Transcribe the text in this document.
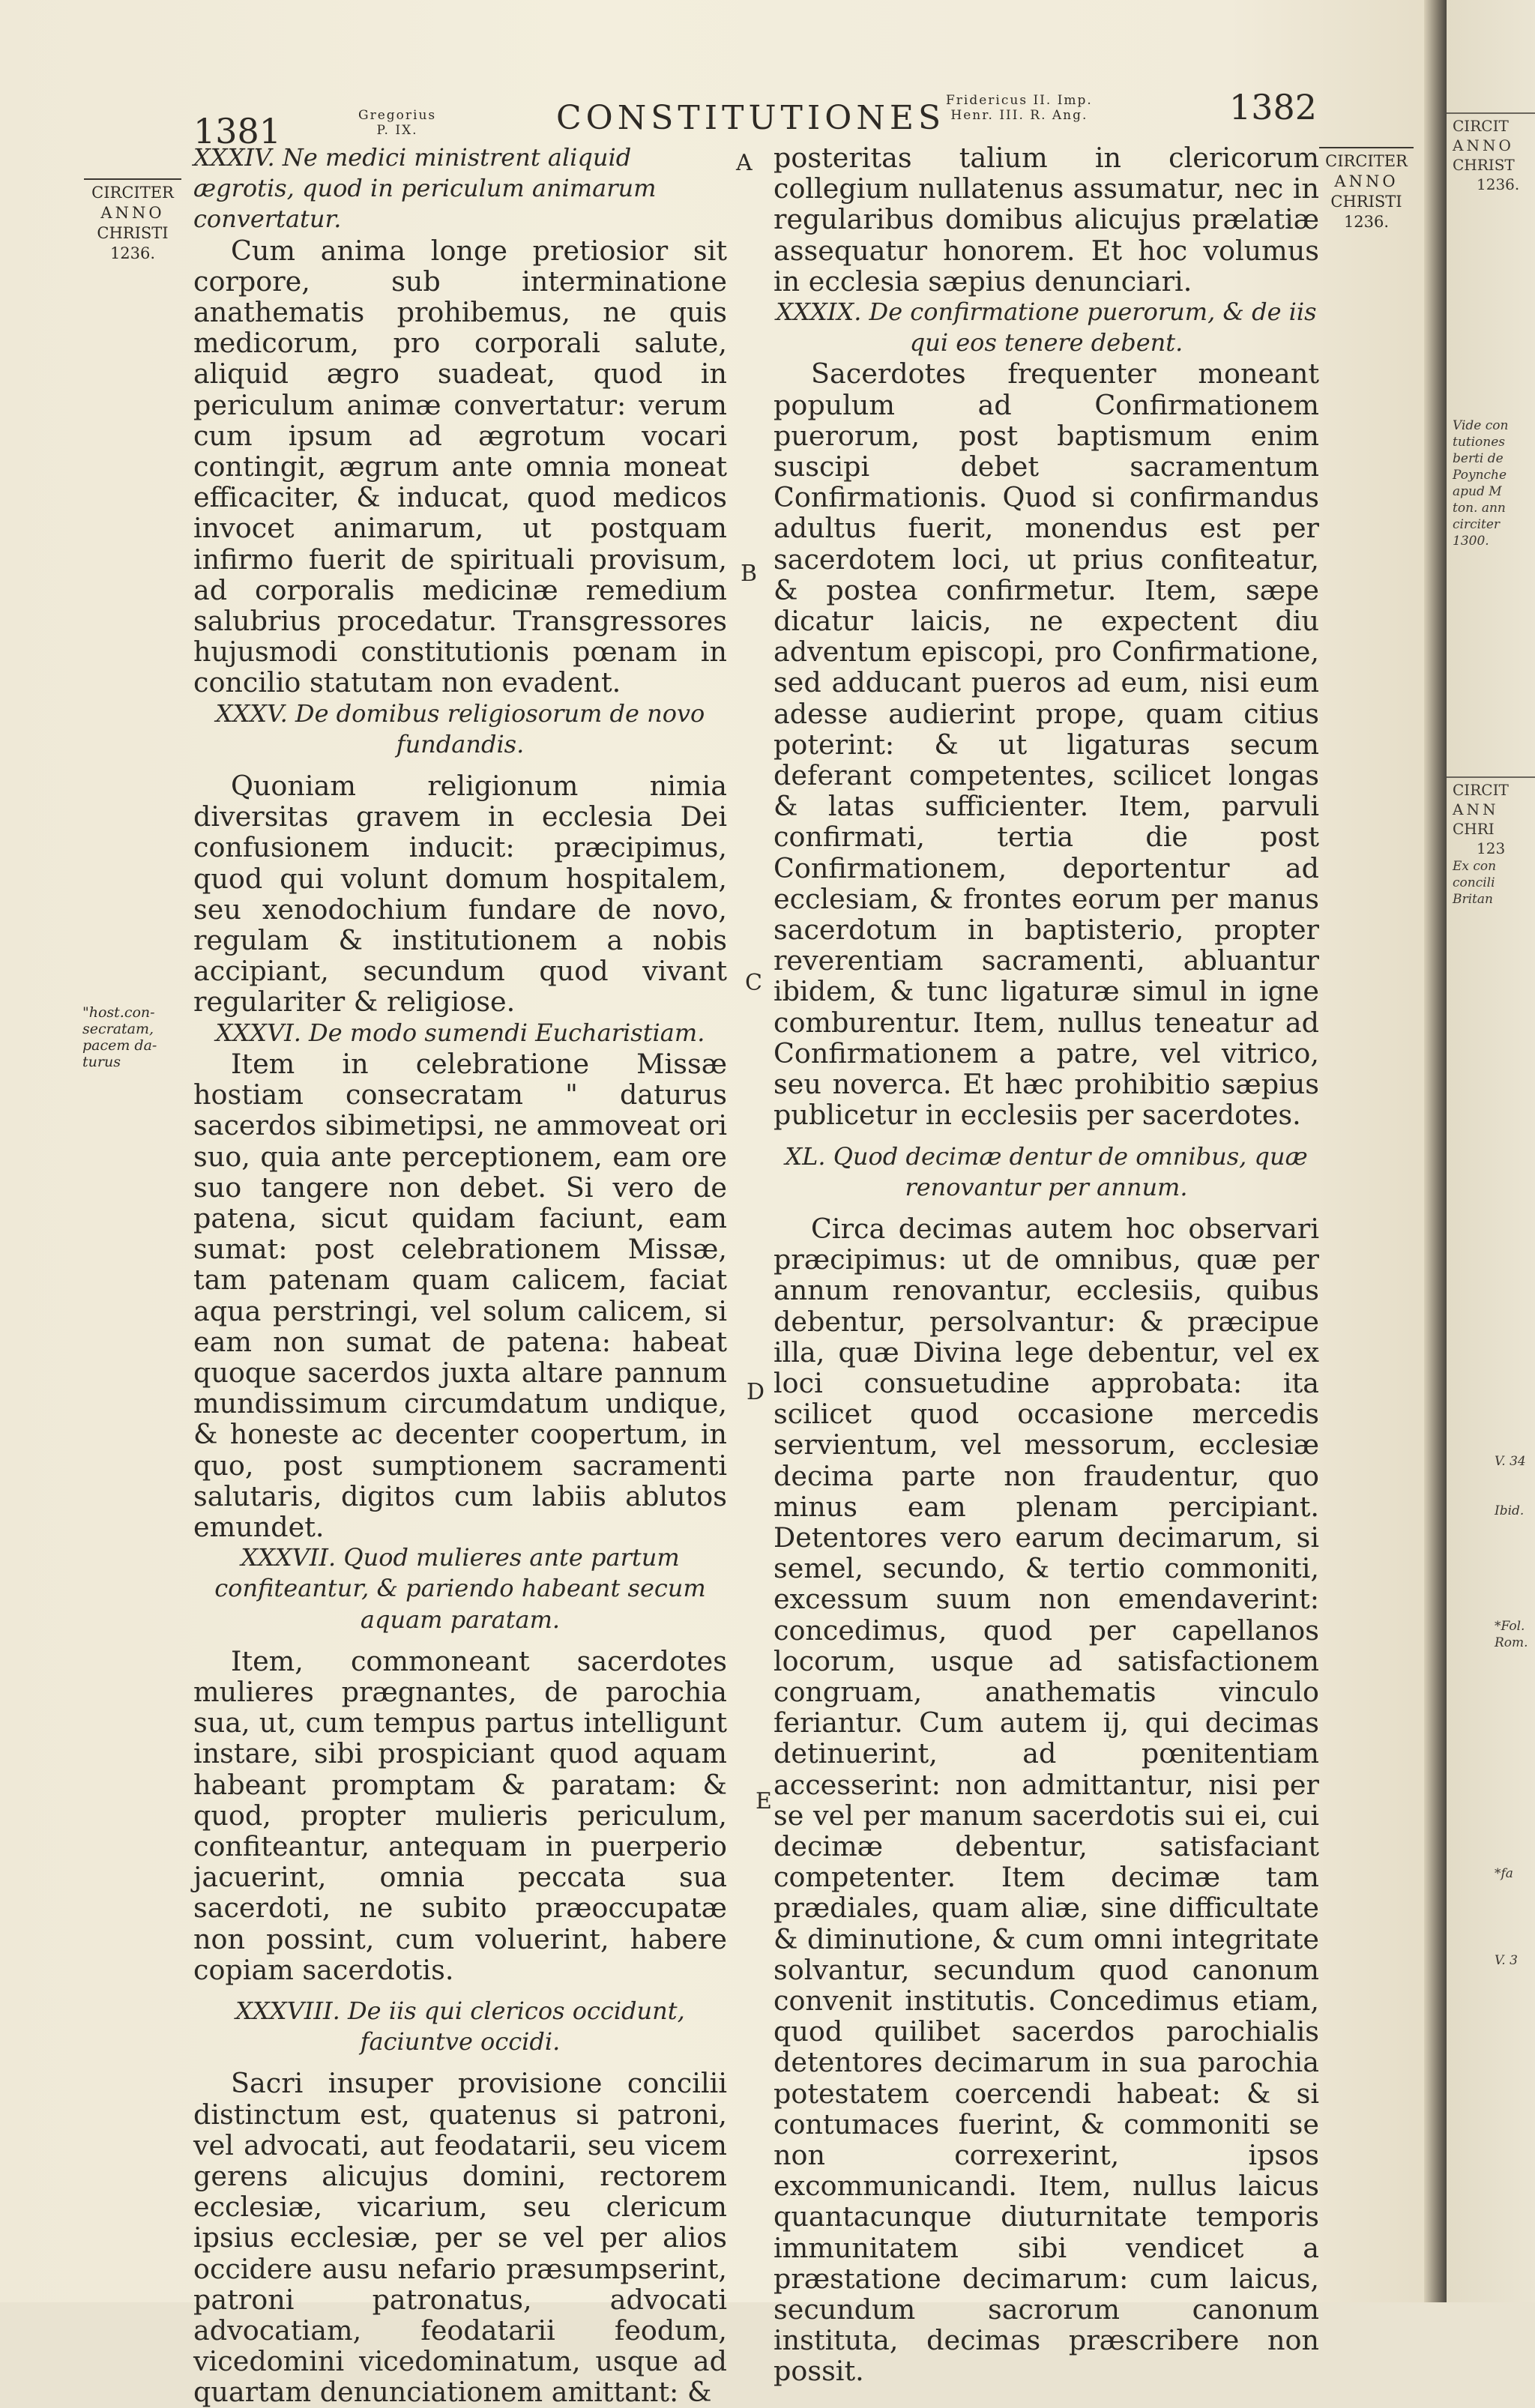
1381	Gregorius
P. IX.	CONSTITUTIONES Fridericus II. Imp.
Henr. III. R. Ang.	1382
CIRCITER
ANNO
CHRISTI
1236.
CIRCITER
ANNO
CHRISTI
1236.
"host.con-
secratam,
pacem da-
turus
A
B
C
D
E
XXXIV. Ne medici ministrent aliquid ægrotis, quod in periculum animarum convertatur.

Cum anima longe pretiosior sit corpore, sub interminatione anathematis prohibemus, ne quis medicorum, pro corporali salute, aliquid ægro suadeat, quod in periculum animæ convertatur: verum cum ipsum ad ægrotum vocari contingit, ægrum ante omnia moneat efficaciter, & inducat, quod medicos invocet animarum, ut postquam infirmo fuerit de spirituali provisum, ad corporalis medicinæ remedium salubrius procedatur. Transgressores hujusmodi constitutionis pœnam in concilio statutam non evadent.

XXXV. De domibus religiosorum de novo fundandis.

Quoniam religionum nimia diversitas gravem in ecclesia Dei confusionem inducit: præcipimus, quod qui volunt domum hospitalem, seu xenodochium fundare de novo, regulam & institutionem a nobis accipiant, secundum quod vivant regulariter & religiose.

XXXVI. De modo sumendi Eucharistiam.

Item in celebratione Missæ hostiam consecratam " daturus sacerdos sibimetipsi, ne ammoveat ori suo, quia ante perceptionem, eam ore suo tangere non debet. Si vero de patena, sicut quidam faciunt, eam sumat: post celebrationem Missæ, tam patenam quam calicem, faciat aqua perstringi, vel solum calicem, si eam non sumat de patena: habeat quoque sacerdos juxta altare pannum mundissimum circumdatum undique, & honeste ac decenter coopertum, in quo, post sumptionem sacramenti salutaris, digitos cum labiis ablutos emundet.

XXXVII. Quod mulieres ante partum confiteantur, & pariendo habeant secum aquam paratam.

Item, commoneant sacerdotes mulieres prægnantes, de parochia sua, ut, cum tempus partus intelligunt instare, sibi prospiciant quod aquam habeant promptam & paratam: & quod, propter mulieris periculum, confiteantur, antequam in puerperio jacuerint, omnia peccata sua sacerdoti, ne subito præoccupatæ non possint, cum voluerint, habere copiam sacerdotis.

XXXVIII. De iis qui clericos occidunt, faciuntve occidi.

Sacri insuper provisione concilii distinctum est, quatenus si patroni, vel advocati, aut feodatarii, seu vicem gerens alicujus domini, rectorem ecclesiæ, vicarium, seu clericum ipsius ecclesiæ, per se vel per alios occidere ausu nefario præsumpserint, patroni patronatus, advocati advocatiam, feodatarii feodum, vicedomini vicedominatum, usque ad quartam denunciationem amittant: &

posteritas talium in clericorum collegium nullatenus assumatur, nec in regularibus domibus alicujus prælatiæ assequatur honorem. Et hoc volumus in ecclesia sæpius denunciari.

XXXIX. De confirmatione puerorum, & de iis qui eos tenere debent.

Sacerdotes frequenter moneant populum ad Confirmationem puerorum, post baptismum enim suscipi debet sacramentum Confirmationis. Quod si confirmandus adultus fuerit, monendus est per sacerdotem loci, ut prius confiteatur, & postea confirmetur. Item, sæpe dicatur laicis, ne expectent diu adventum episcopi, pro Confirmatione, sed adducant pueros ad eum, nisi eum adesse audierint prope, quam citius poterint: & ut ligaturas secum deferant competentes, scilicet longas & latas sufficienter. Item, parvuli confirmati, tertia die post Confirmationem, deportentur ad ecclesiam, & frontes eorum per manus sacerdotum in baptisterio, propter reverentiam sacramenti, abluantur ibidem, & tunc ligaturæ simul in igne comburentur. Item, nullus teneatur ad Confirmationem a patre, vel vitrico, seu noverca. Et hæc prohibitio sæpius publicetur in ecclesiis per sacerdotes.

XL. Quod decimæ dentur de omnibus, quæ renovantur per annum.

Circa decimas autem hoc observari præcipimus: ut de omnibus, quæ per annum renovantur, ecclesiis, quibus debentur, persolvantur: & præcipue illa, quæ Divina lege debentur, vel ex loci consuetudine approbata: ita scilicet quod occasione mercedis servientum, vel messorum, ecclesiæ decima parte non fraudentur, quo minus eam plenam percipiant. Detentores vero earum decimarum, si semel, secundo, & tertio commoniti, excessum suum non emendaverint: concedimus, quod per capellanos locorum, usque ad satisfactionem congruam, anathematis vinculo feriantur. Cum autem ij, qui decimas detinuerint, ad pœnitentiam accesserint: non admittantur, nisi per se vel per manum sacerdotis sui ei, cui decimæ debentur, satisfaciant competenter. Item decimæ tam prædiales, quam aliæ, sine difficultate & diminutione, & cum omni integritate solvantur, secundum quod canonum convenit institutis. Concedimus etiam, quod quilibet sacerdos parochialis detentores decimarum in sua parochia potestatem coercendi habeat: & si contumaces fuerint, & commoniti se non correxerint, ipsos excommunicandi. Item, nullus laicus quantacunque diuturnitate temporis immunitatem sibi vendicet a præstatione decimarum: cum laicus, secundum sacrorum canonum instituta, decimas præscribere non possit.

CIRCIT
ANNO
CHRIST
1236.
Vide con
tutiones
berti de
Poynche
apud M
ton. ann
circiter
1300.
CIRCIT
ANN
CHRI
123
Ex con
concili
Britan
V. 34
Ibid.
*Fol.
Rom.
*fa
V. 3
